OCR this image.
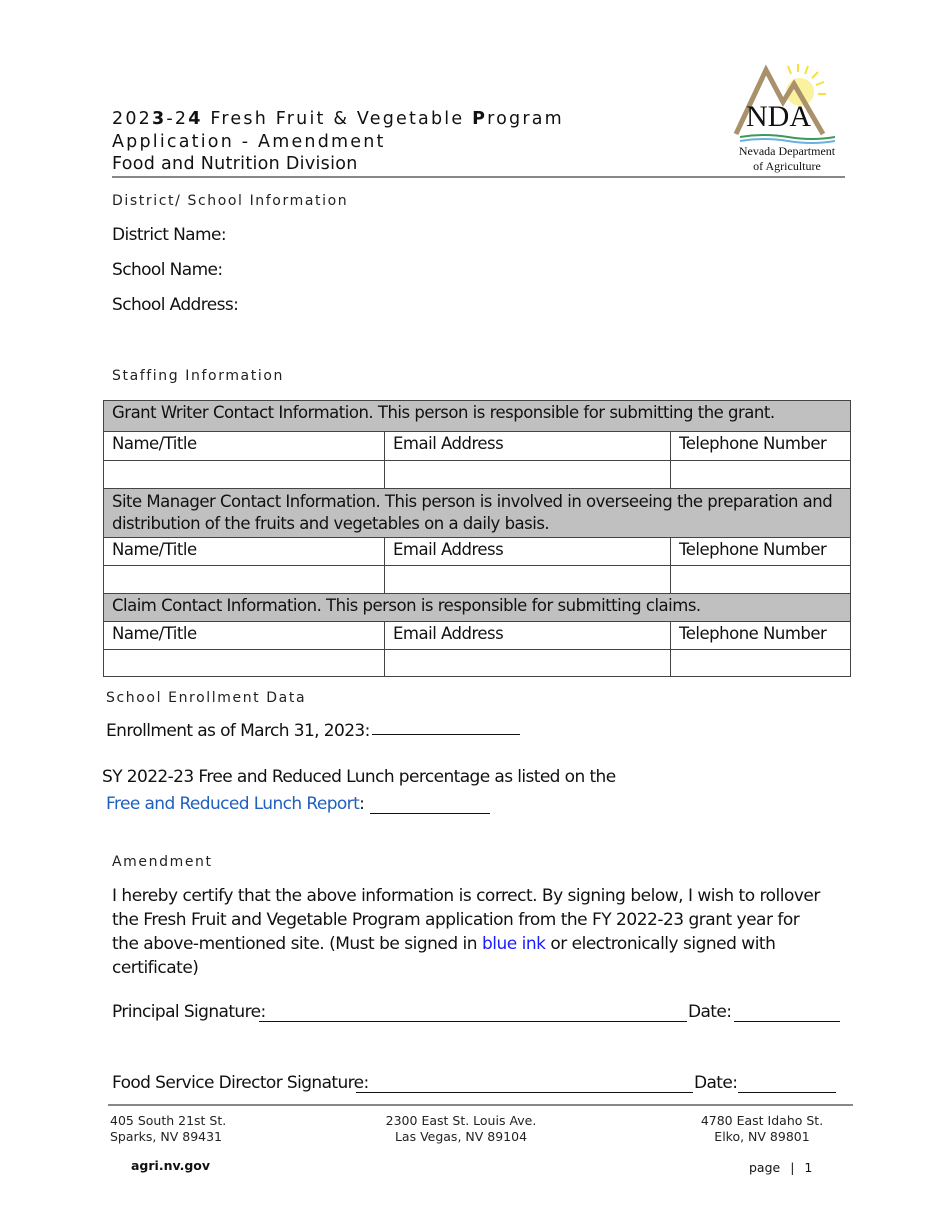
2023-24 Fresh Fruit & Vegetable Program
Application - Amendment
Food and Nutrition Division
NDA
Nevada Department
of Agriculture
District/ School Information
District Name:
School Name:
School Address:
Staffing Information
Grant Writer Contact Information. This person is responsible for submitting the grant.		
Name/Title	Email Address	Telephone Number

Site Manager Contact Information. This person is involved in overseeing the preparation and distribution of the fruits and vegetables on a daily basis.		
Name/Title	Email Address	Telephone Number

Claim Contact Information. This person is responsible for submitting claims.		
Name/Title	Email Address	Telephone Number

School Enrollment Data
Enrollment as of March 31, 2023:
SY 2022-23 Free and Reduced Lunch percentage as listed on the
Free and Reduced Lunch Report:
Amendment
I hereby certify that the above information is correct. By signing below, I wish to rollover the Fresh Fruit and Vegetable Program application from the FY 2022-23 grant year for the above-mentioned site. (Must be signed in blue ink or electronically signed with certificate)
Principal Signature:	Date:
Food Service Director Signature:	Date:
405 South 21st St.
Sparks, NV 89431
2300 East St. Louis Ave.
Las Vegas, NV 89104
4780 East Idaho St.
Elko, NV 89801
agri.nv.gov	page | 1
